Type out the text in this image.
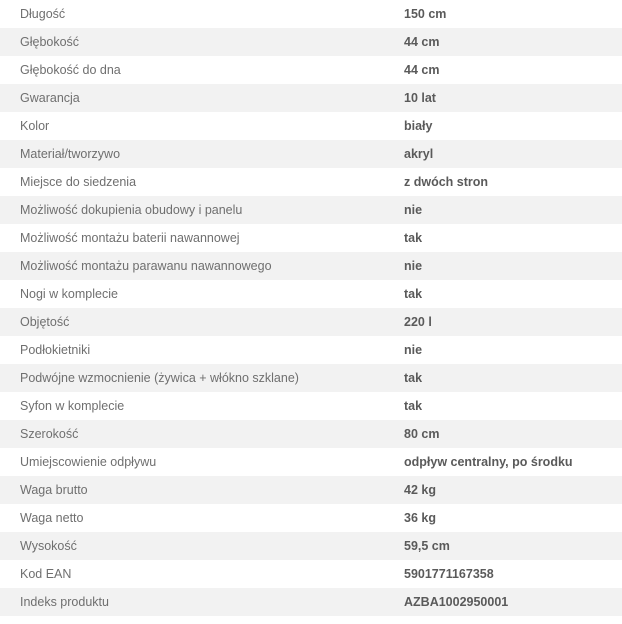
Długość	150 cm
Głębokość	44 cm
Głębokość do dna	44 cm
Gwarancja	10 lat
Kolor	biały
Materiał/tworzywo	akryl
Miejsce do siedzenia	z dwóch stron
Możliwość dokupienia obudowy i panelu	nie
Możliwość montażu baterii nawannowej	tak
Możliwość montażu parawanu nawannowego	nie
Nogi w komplecie	tak
Objętość	220 l
Podłokietniki	nie
Podwójne wzmocnienie (żywica + włókno szklane)	tak
Syfon w komplecie	tak
Szerokość	80 cm
Umiejscowienie odpływu	odpływ centralny, po środku
Waga brutto	42 kg
Waga netto	36 kg
Wysokość	59,5 cm
Kod EAN	5901771167358
Indeks produktu	AZBA1002950001
